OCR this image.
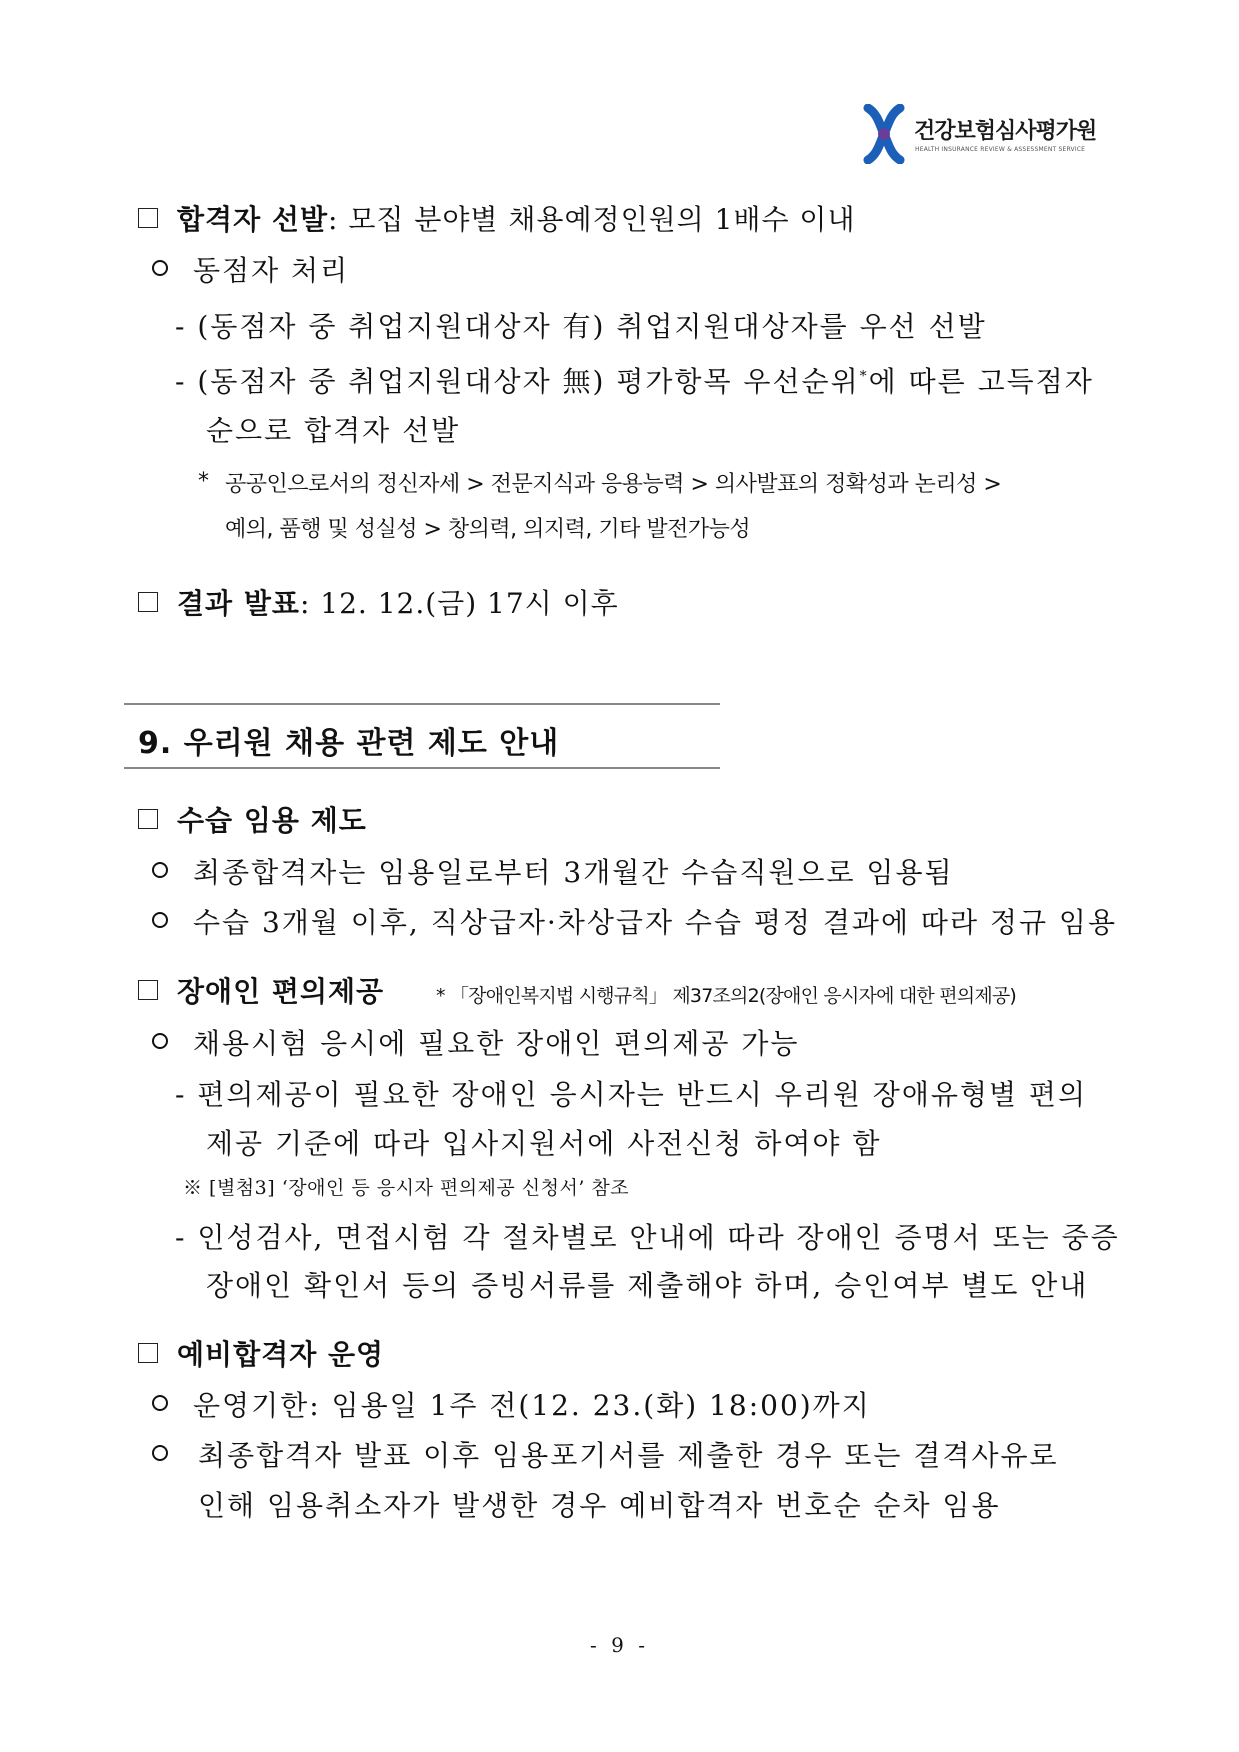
건강보험심사평가원
HEALTH INSURANCE REVIEW & ASSESSMENT SERVICE
합격자 선발: 모집 분야별 채용예정인원의 1배수 이내
동점자 처리
- (동점자 중 취업지원대상자 有) 취업지원대상자를 우선 선발
- (동점자 중 취업지원대상자 無) 평가항목 우선순위*에 따른 고득점자
순으로 합격자 선발
* 공공인으로서의 정신자세 > 전문지식과 응용능력 > 의사발표의 정확성과 논리성 >
예의, 품행 및 성실성 > 창의력, 의지력, 기타 발전가능성
결과 발표: 12. 12.(금) 17시 이후
9. 우리원 채용 관련 제도 안내
수습 임용 제도
최종합격자는 임용일로부터 3개월간 수습직원으로 임용됨
수습 3개월 이후, 직상급자·차상급자 수습 평정 결과에 따라 정규 임용
장애인 편의제공	* 「장애인복지법 시행규칙」 제37조의2(장애인 응시자에 대한 편의제공)
채용시험 응시에 필요한 장애인 편의제공 가능
- 편의제공이 필요한 장애인 응시자는 반드시 우리원 장애유형별 편의
제공 기준에 따라 입사지원서에 사전신청 하여야 함
※ [별첨3] ‘장애인 등 응시자 편의제공 신청서’ 참조
- 인성검사, 면접시험 각 절차별로 안내에 따라 장애인 증명서 또는 중증
장애인 확인서 등의 증빙서류를 제출해야 하며, 승인여부 별도 안내
예비합격자 운영
운영기한: 임용일 1주 전(12. 23.(화) 18:00)까지
최종합격자 발표 이후 임용포기서를 제출한 경우 또는 결격사유로
인해 임용취소자가 발생한 경우 예비합격자 번호순 순차 임용
- 9 -
